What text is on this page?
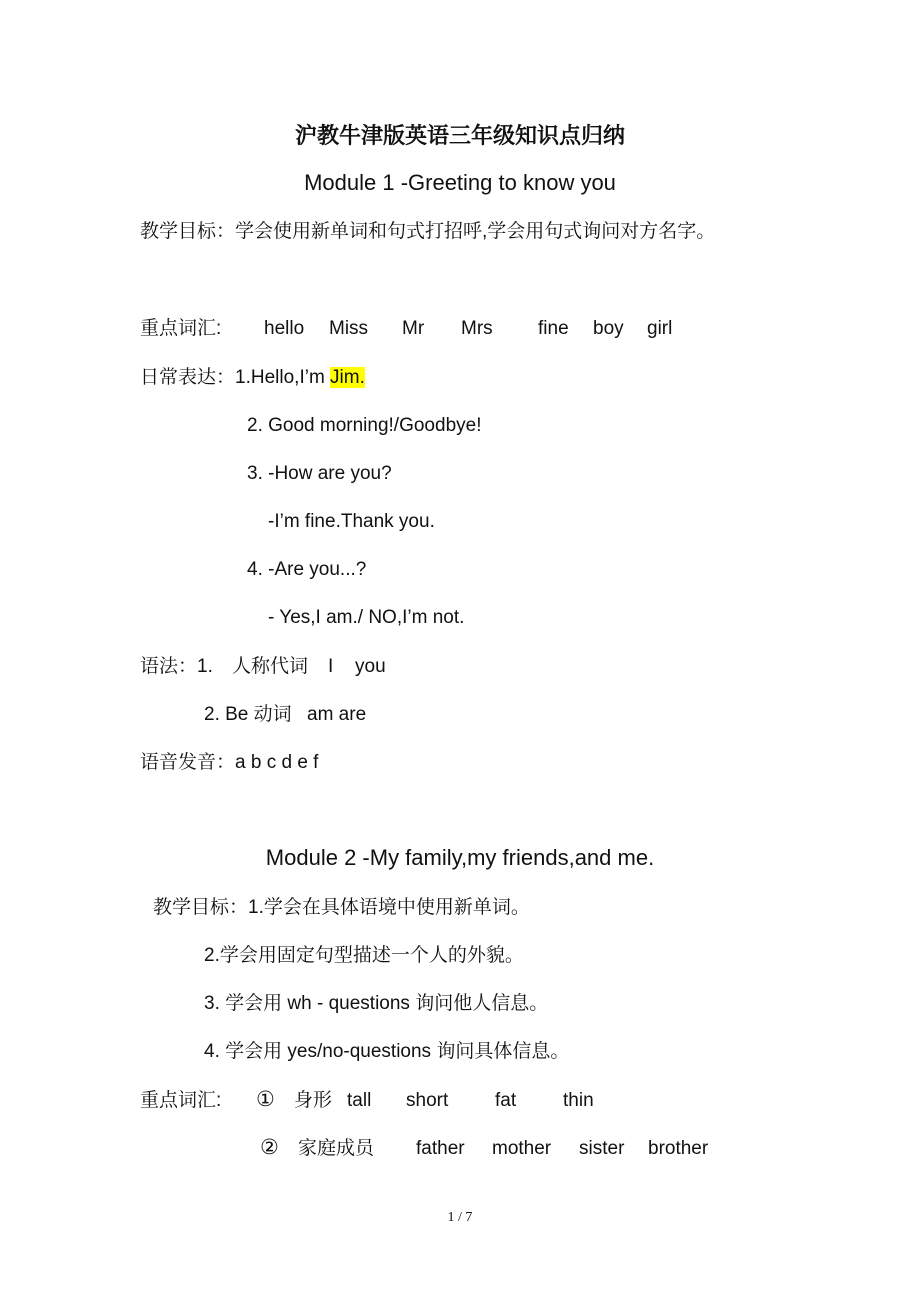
沪教牛津版英语三年级知识点归纳
Module 1 -Greeting to know you
教学目标：学会使用新单词和句式打招呼,学会用句式询问对方名字。
重点词汇: hello Miss Mr Mrs fine boy girl
日常表达：1.Hello,I’m Jim.
2. Good morning!/Goodbye!
3. -How are you?
-I’m fine.Thank you.
4. -Are you...?
- Yes,I am./ NO,I’m not.
语法：1. 人称代词 I you
2. Be 动词 am are
语音发音：a b c d e f
Module 2 -My family,my friends,and me.
教学目标：1.学会在具体语境中使用新单词。
2.学会用固定句型描述一个人的外貌。
3. 学会用 wh - questions 询问他人信息。
4. 学会用 yes/no-questions 询问具体信息。
重点词汇: ① 身形 tall short fat thin
② 家庭成员 father mother sister brother
1 / 7
